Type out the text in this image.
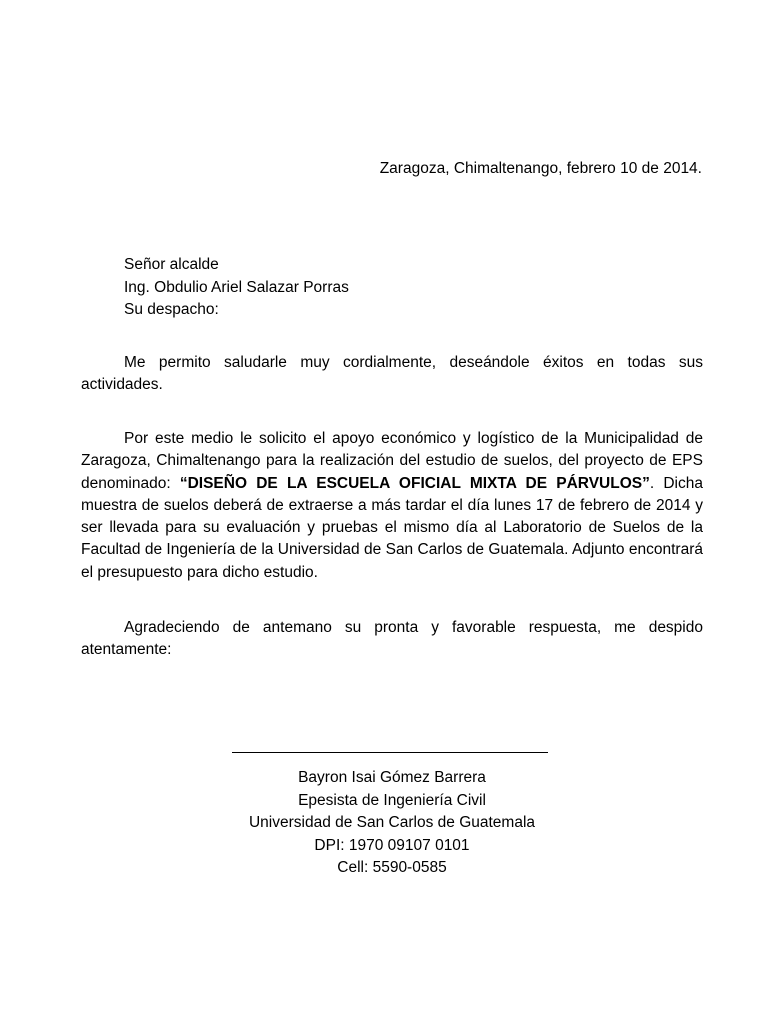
Zaragoza, Chimaltenango, febrero 10 de 2014.
Señor alcalde
Ing. Obdulio Ariel Salazar Porras
Su despacho:

Me permito saludarle muy cordialmente, deseándole éxitos en todas sus actividades.

Por este medio le solicito el apoyo económico y logístico de la Municipalidad de Zaragoza, Chimaltenango para la realización del estudio de suelos, del proyecto de EPS denominado: “DISEÑO DE LA ESCUELA OFICIAL MIXTA DE PÁRVULOS”. Dicha muestra de suelos deberá de extraerse a más tardar el día lunes 17 de febrero de 2014 y ser llevada para su evaluación y pruebas el mismo día al Laboratorio de Suelos de la Facultad de Ingeniería de la Universidad de San Carlos de Guatemala. Adjunto encontrará el presupuesto para dicho estudio.

Agradeciendo de antemano su pronta y favorable respuesta, me despido atentamente:

Bayron Isai Gómez Barrera
Epesista de Ingeniería Civil
Universidad de San Carlos de Guatemala
DPI: 1970 09107 0101
Cell: 5590-0585
